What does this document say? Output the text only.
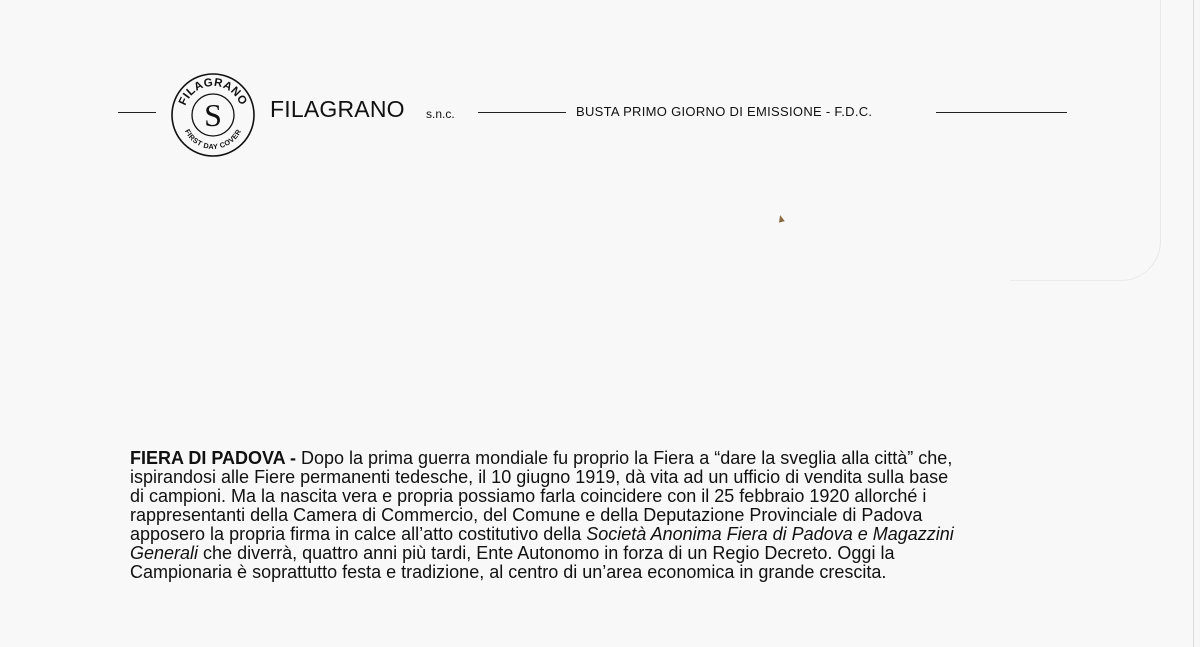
FILAGRANO
S
FIRST DAY COVER
FILAGRANO s.n.c.	BUSTA PRIMO GIORNO DI EMISSIONE - F.D.C.
FIERA DI PADOVA - Dopo la prima guerra mondiale fu proprio la Fiera a “dare la sveglia alla città” che,
ispirandosi alle Fiere permanenti tedesche, il 10 giugno 1919, dà vita ad un ufficio di vendita sulla base
di campioni. Ma la nascita vera e propria possiamo farla coincidere con il 25 febbraio 1920 allorché i
rappresentanti della Camera di Commercio, del Comune e della Deputazione Provinciale di Padova
apposero la propria firma in calce all’atto costitutivo della Società Anonima Fiera di Padova e Magazzini
Generali che diverrà, quattro anni più tardi, Ente Autonomo in forza di un Regio Decreto. Oggi la
Campionaria è soprattutto festa e tradizione, al centro di un’area economica in grande crescita.
